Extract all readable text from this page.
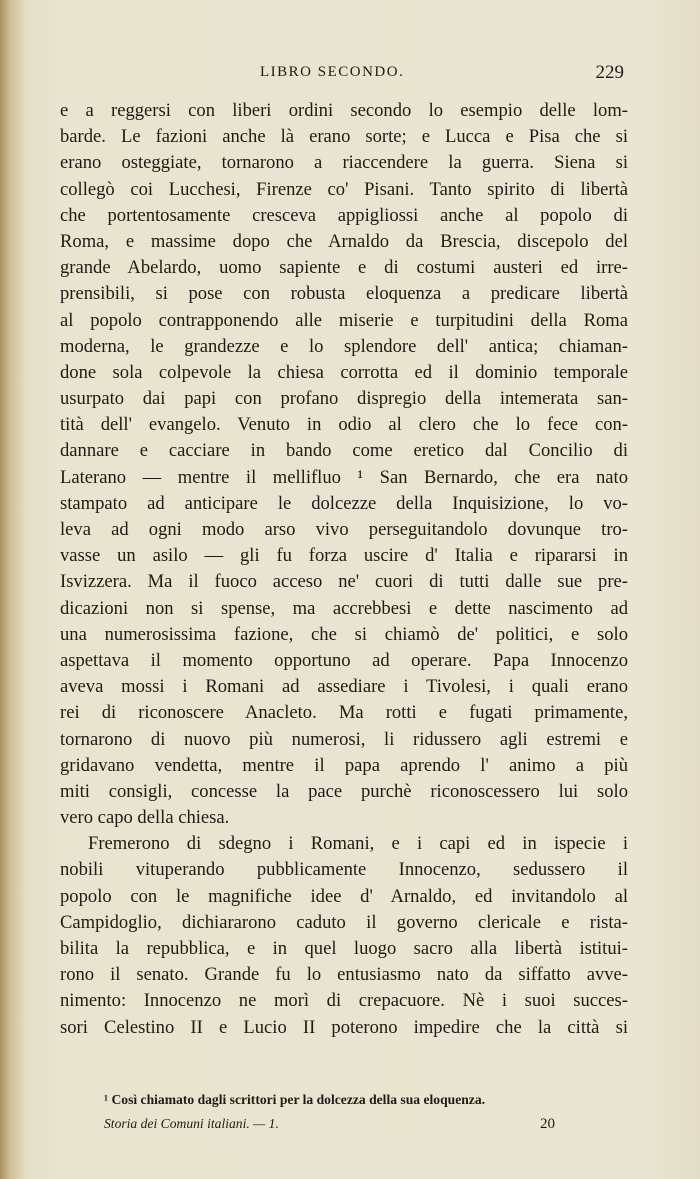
LIBRO SECONDO.	229
e a reggersi con liberi ordini secondo lo esempio delle lom-
barde. Le fazioni anche là erano sorte; e Lucca e Pisa che si
erano osteggiate, tornarono a riaccendere la guerra. Siena si
collegò coi Lucchesi, Firenze co' Pisani. Tanto spirito di libertà
che portentosamente cresceva appigliossi anche al popolo di
Roma, e massime dopo che Arnaldo da Brescia, discepolo del
grande Abelardo, uomo sapiente e di costumi austeri ed irre-
prensibili, si pose con robusta eloquenza a predicare libertà
al popolo contrapponendo alle miserie e turpitudini della Roma
moderna, le grandezze e lo splendore dell' antica; chiaman-
done sola colpevole la chiesa corrotta ed il dominio temporale
usurpato dai papi con profano dispregio della intemerata san-
tità dell' evangelo. Venuto in odio al clero che lo fece con-
dannare e cacciare in bando come eretico dal Concilio di
Laterano — mentre il mellifluo ¹ San Bernardo, che era nato
stampato ad anticipare le dolcezze della Inquisizione, lo vo-
leva ad ogni modo arso vivo perseguitandolo dovunque tro-
vasse un asilo — gli fu forza uscire d' Italia e ripararsi in
Isvizzera. Ma il fuoco acceso ne' cuori di tutti dalle sue pre-
dicazioni non si spense, ma accrebbesi e dette nascimento ad
una numerosissima fazione, che si chiamò de' politici, e solo
aspettava il momento opportuno ad operare. Papa Innocenzo
aveva mossi i Romani ad assediare i Tivolesi, i quali erano
rei di riconoscere Anacleto. Ma rotti e fugati primamente,
tornarono di nuovo più numerosi, li ridussero agli estremi e
gridavano vendetta, mentre il papa aprendo l' animo a più
miti consigli, concesse la pace purchè riconoscessero lui solo
vero capo della chiesa.
Fremerono di sdegno i Romani, e i capi ed in ispecie i
nobili vituperando pubblicamente Innocenzo, sedussero il
popolo con le magnifiche idee d' Arnaldo, ed invitandolo al
Campidoglio, dichiararono caduto il governo clericale e rista-
bilita la repubblica, e in quel luogo sacro alla libertà istitui-
rono il senato. Grande fu lo entusiasmo nato da siffatto avve-
nimento: Innocenzo ne morì di crepacuore. Nè i suoi succes-
sori Celestino II e Lucio II poterono impedire che la città si
¹ Così chiamato dagli scrittori per la dolcezza della sua eloquenza.
Storia dei Comuni italiani. — 1.	20
